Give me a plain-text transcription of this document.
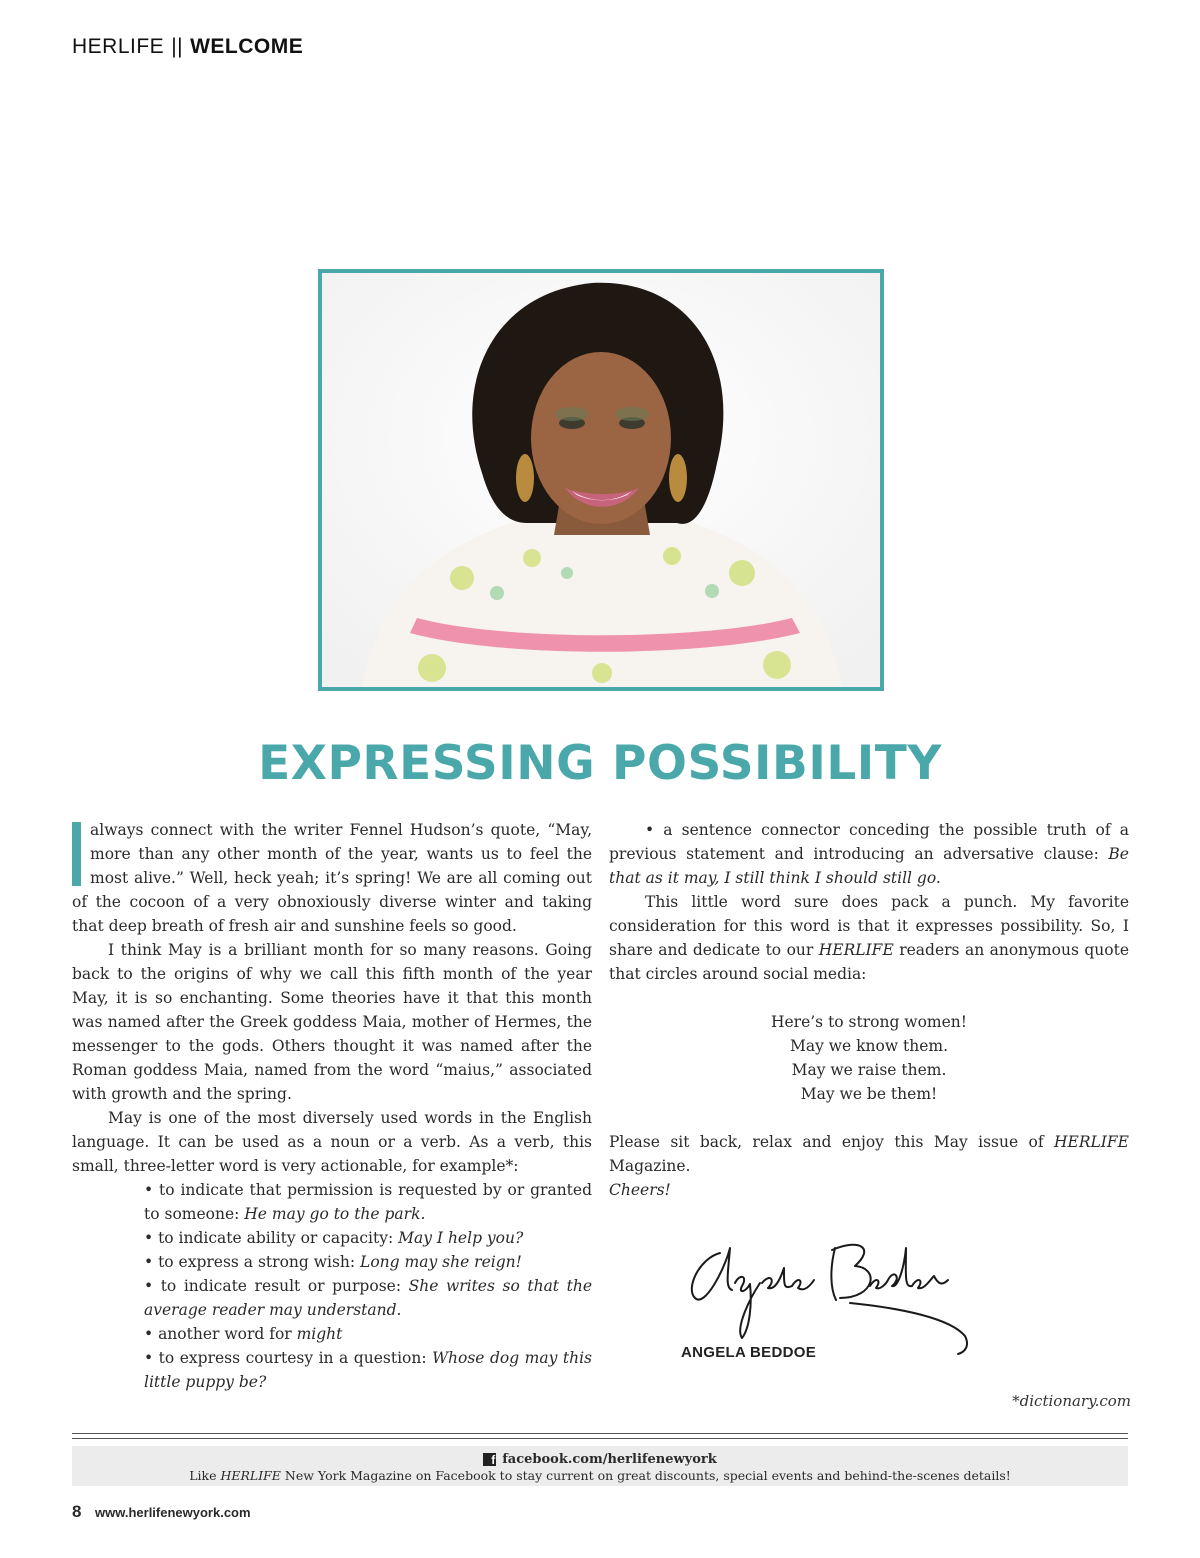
HERLIFE || WELCOME
EXPRESSING POSSIBILITY

always connect with the writer Fennel Hudson’s quote, “May, more than any other month of the year, wants us to feel the most alive.” Well, heck yeah; it’s spring! We are all coming out of the cocoon of a very obnoxiously diverse winter and taking that deep breath of fresh air and sunshine feels so good.

I think May is a brilliant month for so many reasons. Going back to the origins of why we call this fifth month of the year May, it is so enchanting. Some theories have it that this month was named after the Greek goddess Maia, mother of Hermes, the messenger to the gods. Others thought it was named after the Roman goddess Maia, named from the word “maius,” associated with growth and the spring.

May is one of the most diversely used words in the English language. It can be used as a noun or a verb. As a verb, this small, three-letter word is very actionable, for example*:

• to indicate that permission is requested by or granted to someone: He may go to the park.

• to indicate ability or capacity: May I help you?

• to express a strong wish: Long may she reign!

• to indicate result or purpose: She writes so that the average reader may understand.

• another word for might

• to express courtesy in a question: Whose dog may this little puppy be?

• a sentence connector conceding the possible truth of a previous statement and introducing an adversative clause: Be that as it may, I still think I should still go.

This little word sure does pack a punch. My favorite consideration for this word is that it expresses possibility. So, I share and dedicate to our HERLIFE readers an anonymous quote that circles around social media:

Here’s to strong women!
May we know them.
May we raise them.
May we be them!

Please sit back, relax and enjoy this May issue of HERLIFE Magazine.

Cheers!

ANGELA BEDDOE
*dictionary.com
f facebook.com/herlifenewyork
Like HERLIFE New York Magazine on Facebook to stay current on great discounts, special events and behind-the-scenes details!
8 www.herlifenewyork.com
